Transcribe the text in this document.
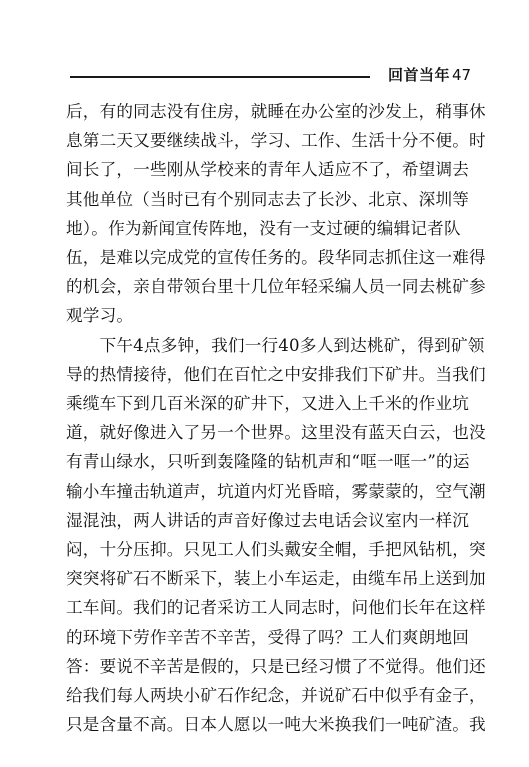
回首当年 47
后，有的同志没有住房，就睡在办公室的沙发上，稍事休
息第二天又要继续战斗，学习、工作、生活十分不便。时
间长了，一些刚从学校来的青年人适应不了，希望调去
其他单位（当时已有个别同志去了长沙、北京、深圳等
地）。作为新闻宣传阵地，没有一支过硬的编辑记者队
伍，是难以完成党的宣传任务的。段华同志抓住这一难得
的机会，亲自带领台里十几位年轻采编人员一同去桃矿参
观学习。
　　下午4点多钟，我们一行40多人到达桃矿，得到矿领
导的热情接待，他们在百忙之中安排我们下矿井。当我们
乘缆车下到几百米深的矿井下，又进入上千米的作业坑
道，就好像进入了另一个世界。这里没有蓝天白云，也没
有青山绿水，只听到轰隆隆的钻机声和“哐一哐一”的运
输小车撞击轨道声，坑道内灯光昏暗，雾蒙蒙的，空气潮
湿混浊，两人讲话的声音好像过去电话会议室内一样沉
闷，十分压抑。只见工人们头戴安全帽，手把风钻机，突
突突将矿石不断采下，装上小车运走，由缆车吊上送到加
工车间。我们的记者采访工人同志时，问他们长年在这样
的环境下劳作辛苦不辛苦，受得了吗？工人们爽朗地回
答：要说不辛苦是假的，只是已经习惯了不觉得。他们还
给我们每人两块小矿石作纪念，并说矿石中似乎有金子，
只是含量不高。日本人愿以一吨大米换我们一吨矿渣。我
